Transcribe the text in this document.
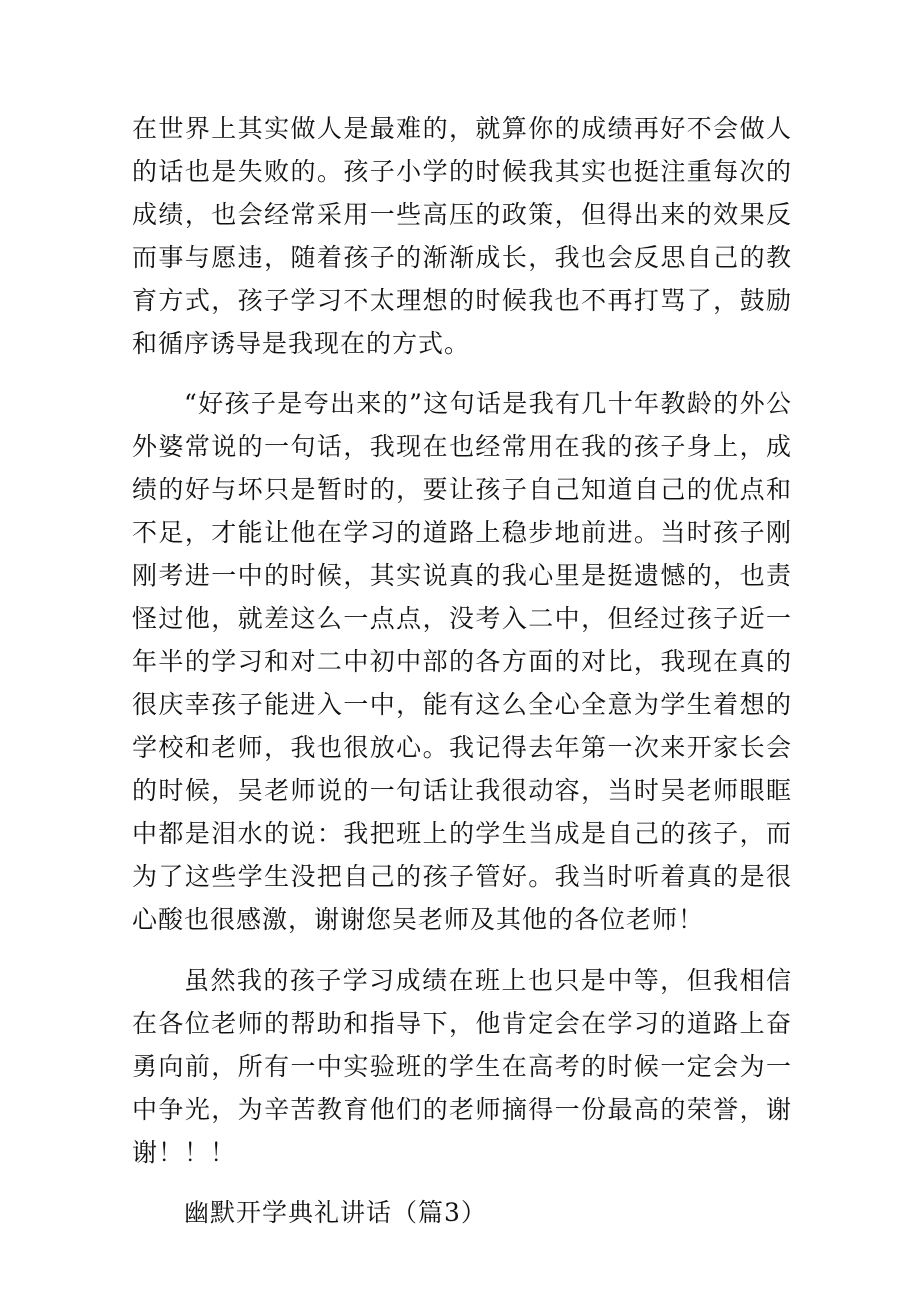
在世界上其实做人是最难的，就算你的成绩再好不会做人的话也是失败的。孩子小学的时候我其实也挺注重每次的成绩，也会经常采用一些高压的政策，但得出来的效果反而事与愿违，随着孩子的渐渐成长，我也会反思自己的教育方式，孩子学习不太理想的时候我也不再打骂了，鼓励和循序诱导是我现在的方式。

“好孩子是夸出来的”这句话是我有几十年教龄的外公外婆常说的一句话，我现在也经常用在我的孩子身上，成绩的好与坏只是暂时的，要让孩子自己知道自己的优点和不足，才能让他在学习的道路上稳步地前进。当时孩子刚刚考进一中的时候，其实说真的我心里是挺遗憾的，也责怪过他，就差这么一点点，没考入二中，但经过孩子近一年半的学习和对二中初中部的各方面的对比，我现在真的很庆幸孩子能进入一中，能有这么全心全意为学生着想的学校和老师，我也很放心。我记得去年第一次来开家长会的时候，吴老师说的一句话让我很动容，当时吴老师眼眶中都是泪水的说：我把班上的学生当成是自己的孩子，而为了这些学生没把自己的孩子管好。我当时听着真的是很心酸也很感激，谢谢您吴老师及其他的各位老师！

虽然我的孩子学习成绩在班上也只是中等，但我相信在各位老师的帮助和指导下，他肯定会在学习的道路上奋勇向前，所有一中实验班的学生在高考的时候一定会为一中争光，为辛苦教育他们的老师摘得一份最高的荣誉，谢谢！！！

幽默开学典礼讲话（篇3）
